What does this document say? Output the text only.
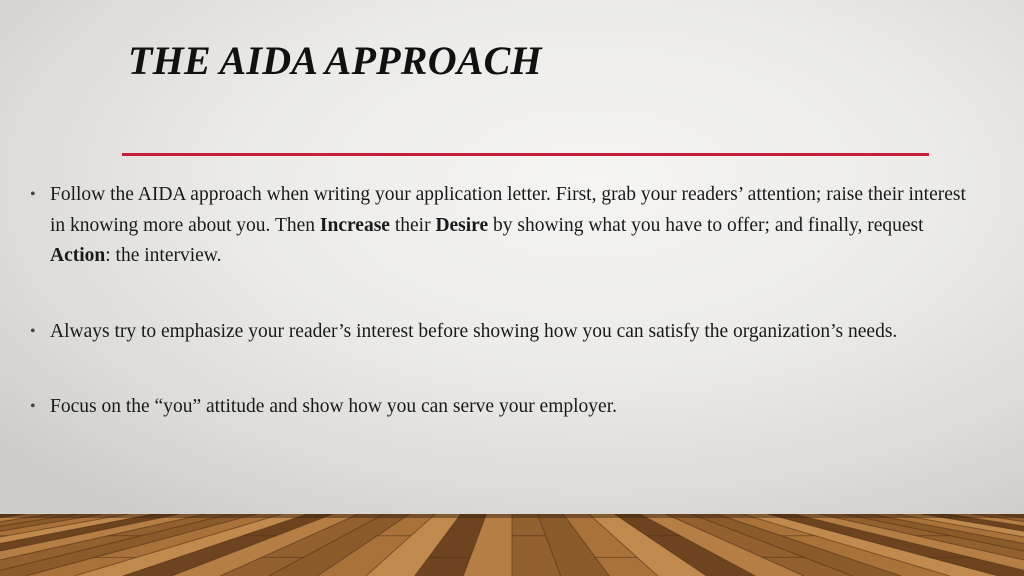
THE AIDA APPROACH
• Follow the AIDA approach when writing your application letter. First, grab your readers’ attention; raise their interest in knowing more about you. Then Increase their Desire by showing what you have to offer; and finally, request Action: the interview.
• Always try to emphasize your reader’s interest before showing how you can satisfy the organization’s needs.
• Focus on the “you” attitude and show how you can serve your employer.
